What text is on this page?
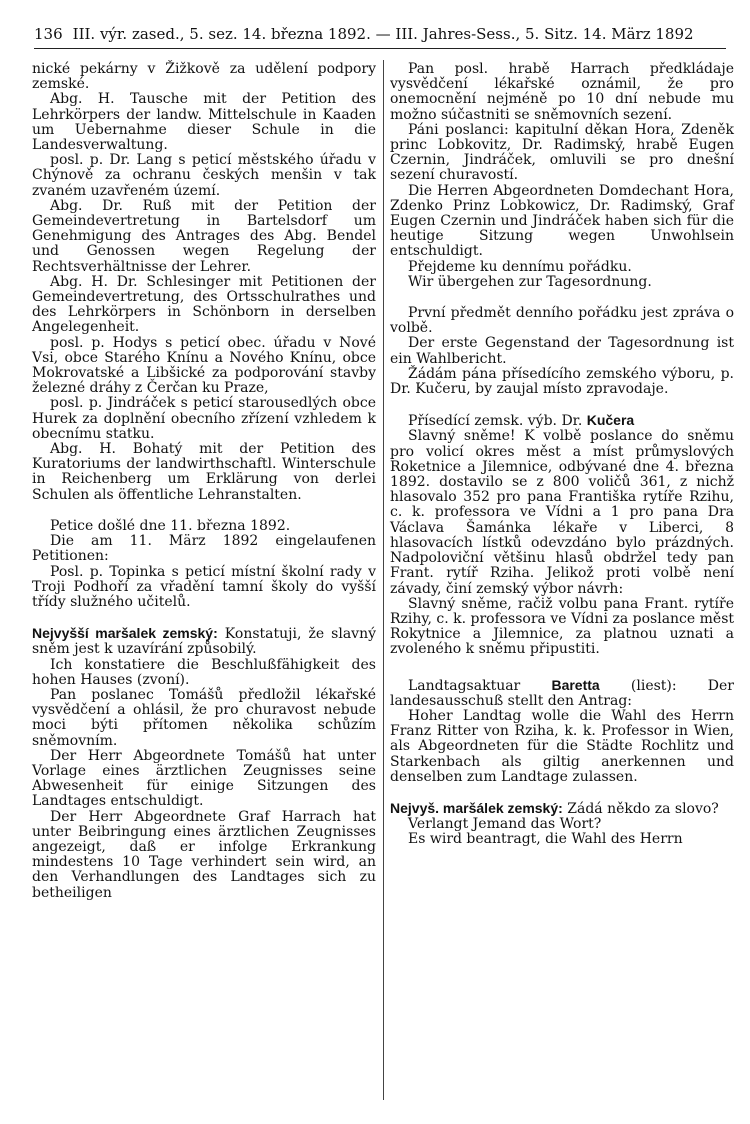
136 III. výr. zased., 5. sez. 14. března 1892. — III. Jahres-Sess., 5. Sitz. 14. März 1892

nické pekárny v Žižkově za udělení podpory zemské.

Abg. H. Tausche mit der Petition des Lehrkörpers der landw. Mittelschule in Kaaden um Uebernahme dieser Schule in die Landesverwaltung.

posl. p. Dr. Lang s peticí městského úřadu v Chýnově za ochranu českých menšin v tak zvaném uzavřeném území.

Abg. Dr. Ruß mit der Petition der Gemeindevertretung in Bartelsdorf um Genehmigung des Antrages des Abg. Bendel und Genossen wegen Regelung der Rechtsverhältnisse der Lehrer.

Abg. H. Dr. Schlesinger mit Petitionen der Gemeindevertretung, des Ortsschulrathes und des Lehrkörpers in Schönborn in derselben Angelegenheit.

posl. p. Hodys s peticí obec. úřadu v Nové Vsi, obce Starého Knínu a Nového Knínu, obce Mokrovatské a Libšické za podporování stavby železné dráhy z Čerčan ku Praze,

posl. p. Jindráček s peticí starousedlých obce Hurek za doplnění obecního zřízení vzhledem k obecnímu statku.

Abg. H. Bohatý mit der Petition des Kuratoriums der landwirthschaftl. Winterschule in Reichenberg um Erklärung von derlei Schulen als öffentliche Lehranstalten.

Petice došlé dne 11. března 1892.

Die am 11. März 1892 eingelaufenen Petitionen:

Posl. p. Topinka s peticí místní školní rady v Troji Podhoří za vřadění tamní školy do vyšší třídy služného učitelů.

Nejvyšší maršalek zemský: Konstatuji, že slavný sněm jest k uzavírání způsobilý.

Ich konstatiere die Beschlußfähigkeit des hohen Hauses (zvoní).

Pan poslanec Tomášů předložil lékařské vysvědčení a ohlásil, že pro churavost nebude moci býti přítomen několika schůzím sněmovním.

Der Herr Abgeordnete Tomášů hat unter Vorlage eines ärztlichen Zeugnisses seine Abwesenheit für einige Sitzungen des Landtages entschuldigt.

Der Herr Abgeordnete Graf Harrach hat unter Beibringung eines ärztlichen Zeugnisses angezeigt, daß er infolge Erkrankung mindestens 10 Tage verhindert sein wird, an den Verhandlungen des Landtages sich zu betheiligen

Pan posl. hrabě Harrach předkládaje vysvědčení lékařské oznámil, že pro onemocnění nejméně po 10 dní nebude mu možno súčastniti se sněmovních sezení.

Páni poslanci: kapitulní děkan Hora, Zdeněk princ Lobkovitz, Dr. Radimský, hrabě Eugen Czernin, Jindráček, omluvili se pro dnešní sezení churavostí.

Die Herren Abgeordneten Domdechant Hora, Zdenko Prinz Lobkowicz, Dr. Radimský, Graf Eugen Czernin und Jindráček haben sich für die heutige Sitzung wegen Unwohlsein entschuldigt.

Přejdeme ku dennímu pořádku.

Wir übergehen zur Tagesordnung.

První předmět denního pořádku jest zpráva o volbě.

Der erste Gegenstand der Tagesordnung ist ein Wahlbericht.

Žádám pána přísedícího zemského výboru, p. Dr. Kučeru, by zaujal místo zpravodaje.

Přísedící zemsk. výb. Dr. Kučera

Slavný sněme! K volbě poslance do sněmu pro volicí okres měst a míst průmyslových Roketnice a Jilemnice, odbývané dne 4. března 1892. dostavilo se z 800 voličů 361, z nichž hlasovalo 352 pro pana Františka rytíře Rzihu, c. k. professora ve Vídni a 1 pro pana Dra Václava Šamánka lékaře v Liberci, 8 hlasovacích lístků odevzdáno bylo prázdných. Nadpoloviční většinu hlasů obdržel tedy pan Frant. rytíř Rziha. Jelikož proti volbě není závady, činí zemský výbor návrh:

Slavný sněme, račiž volbu pana Frant. rytíře Rzihy, c. k. professora ve Vídni za poslance měst Rokytnice a Jilemnice, za platnou uznati a zvoleného k sněmu připustiti.

Landtagsaktuar Baretta (liest): Der landesausschuß stellt den Antrag:

Hoher Landtag wolle die Wahl des Herrn Franz Ritter von Rziha, k. k. Professor in Wien, als Abgeordneten für die Städte Rochlitz und Starkenbach als giltig anerkennen und denselben zum Landtage zulassen.

Nejvyš. maršálek zemský: Zádá někdo za slovo?

Verlangt Jemand das Wort?

Es wird beantragt, die Wahl des Herrn
